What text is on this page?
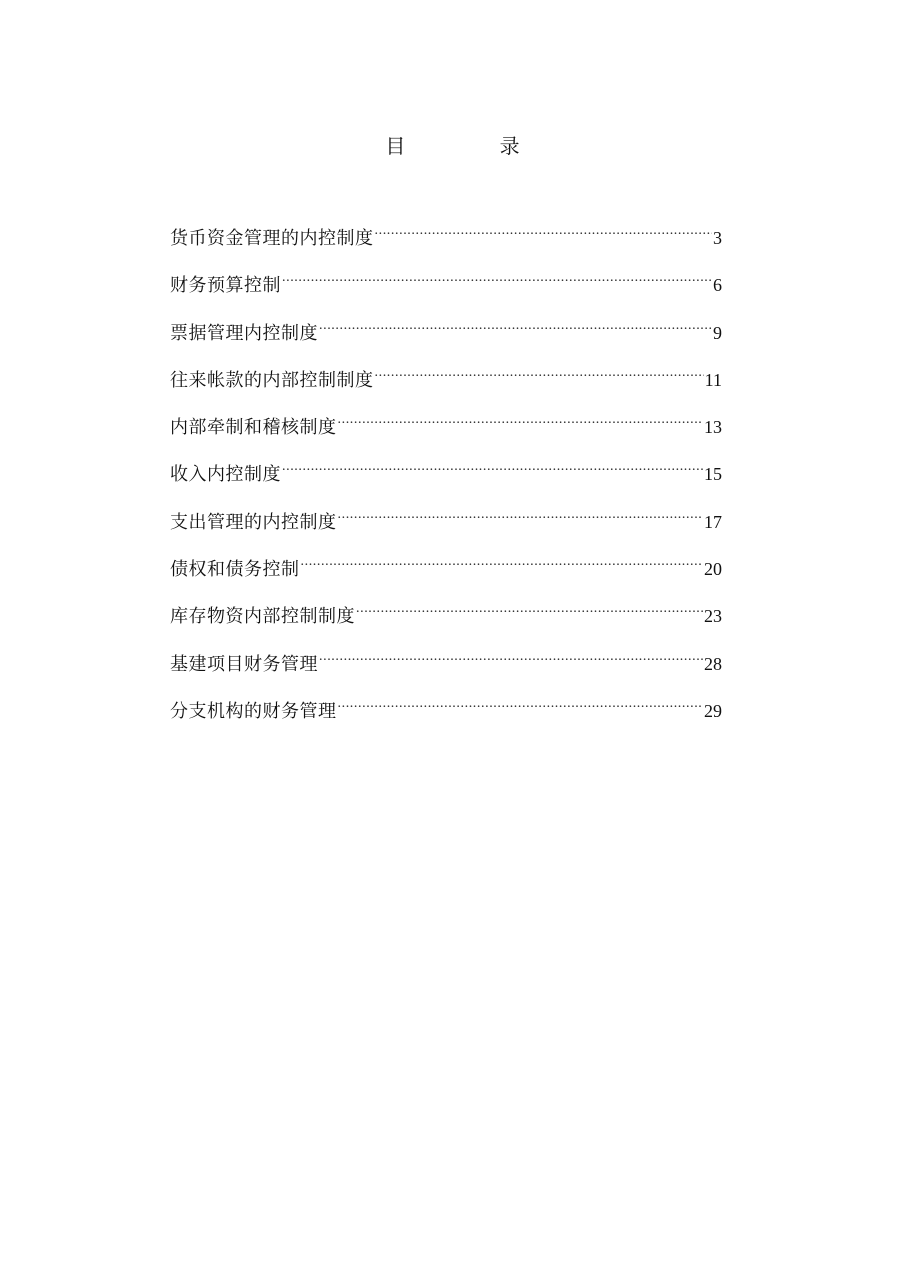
目 录
货币资金管理的内控制度 .....	3
财务预算控制 .....	6
票据管理内控制度 .....	9
往来帐款的内部控制制度 .....	11
内部牵制和稽核制度 .....	13
收入内控制度 .....	15
支出管理的内控制度 .....	17
债权和债务控制 .....	20
库存物资内部控制制度 .....	23
基建项目财务管理 .....	28
分支机构的财务管理 .....	29
